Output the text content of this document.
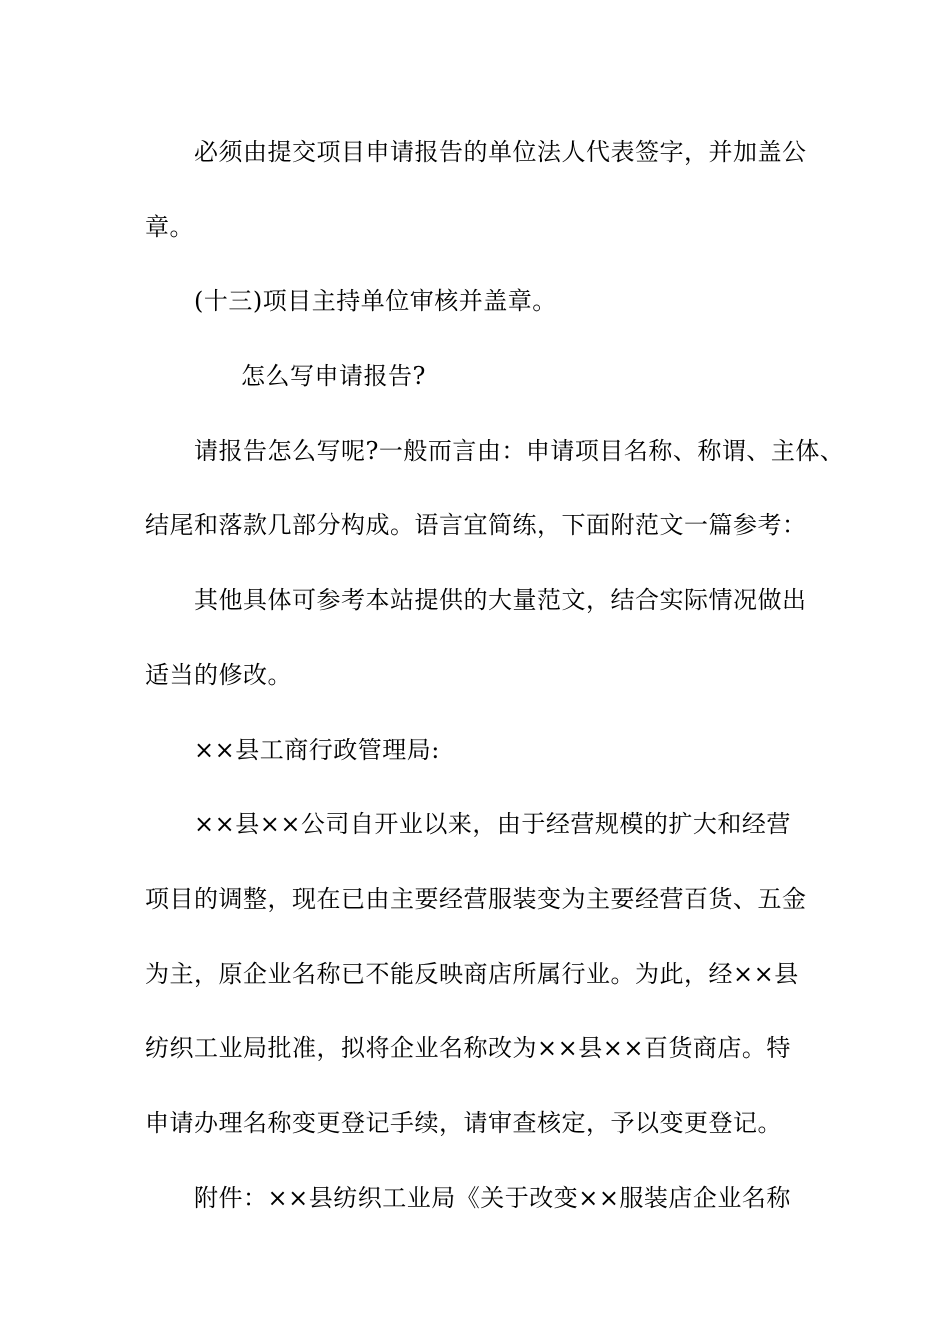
必须由提交项目申请报告的单位法人代表签字，并加盖公
章。
(十三)项目主持单位审核并盖章。
怎么写申请报告?
请报告怎么写呢?一般而言由：申请项目名称、称谓、主体、
结尾和落款几部分构成。语言宜简练，下面附范文一篇参考：
其他具体可参考本站提供的大量范文，结合实际情况做出
适当的修改。
××县工商行政管理局:
××县××公司自开业以来，由于经营规模的扩大和经营
项目的调整，现在已由主要经营服装变为主要经营百货、五金
为主，原企业名称已不能反映商店所属行业。为此，经××县
纺织工业局批准，拟将企业名称改为××县××百货商店。特
申请办理名称变更登记手续，请审查核定，予以变更登记。
附件：××县纺织工业局《关于改变××服装店企业名称
